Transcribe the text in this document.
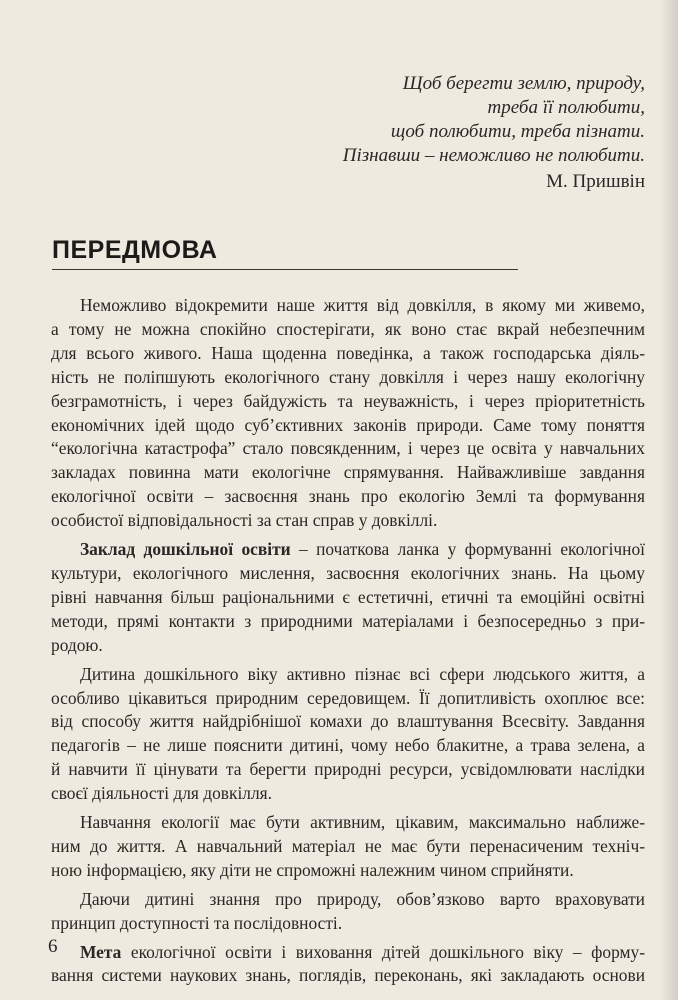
Щоб берегти землю, природу,
треба її полюбити,
щоб полюбити, треба пізнати.
Пізнавши – неможливо не полюбити.
М. Пришвін
ПЕРЕДМОВА
Неможливо відокремити наше життя від довкілля, в якому ми живемо,
а тому не можна спокійно спостерігати, як воно стає вкрай небезпечним
для всього живого. Наша щоденна поведінка, а також господарська діяль-
ність не поліпшують екологічного стану довкілля і через нашу екологічну
безграмотність, і через байдужість та неуважність, і через пріоритетність
економічних ідей щодо суб’єктивних законів природи. Саме тому поняття
“екологічна катастрофа” стало повсякденним, і через це освіта у навчальних
закладах повинна мати екологічне спрямування. Найважливіше завдання
екологічної освіти – засвоєння знань про екологію Землі та формування
особистої відповідальності за стан справ у довкіллі.
Заклад дошкільної освіти – початкова ланка у формуванні екологічної
культури, екологічного мислення, засвоєння екологічних знань. На цьому
рівні навчання більш раціональними є естетичні, етичні та емоційні освітні
методи, прямі контакти з природними матеріалами і безпосередньо з при-
родою.
Дитина дошкільного віку активно пізнає всі сфери людського життя, а
особливо цікавиться природним середовищем. Її допитливість охоплює все:
від способу життя найдрібнішої комахи до влаштування Всесвіту. Завдання
педагогів – не лише пояснити дитині, чому небо блакитне, а трава зелена, а
й навчити її цінувати та берегти природні ресурси, усвідомлювати наслідки
своєї діяльності для довкілля.
Навчання екології має бути активним, цікавим, максимально наближе-
ним до життя. А навчальний матеріал не має бути перенасиченим техніч-
ною інформацією, яку діти не спроможні належним чином сприйняти.
Даючи дитині знання про природу, обов’язково варто враховувати
принцип доступності та послідовності.
Мета екологічної освіти і виховання дітей дошкільного віку – форму-
вання системи наукових знань, поглядів, переконань, які закладають основи
6
